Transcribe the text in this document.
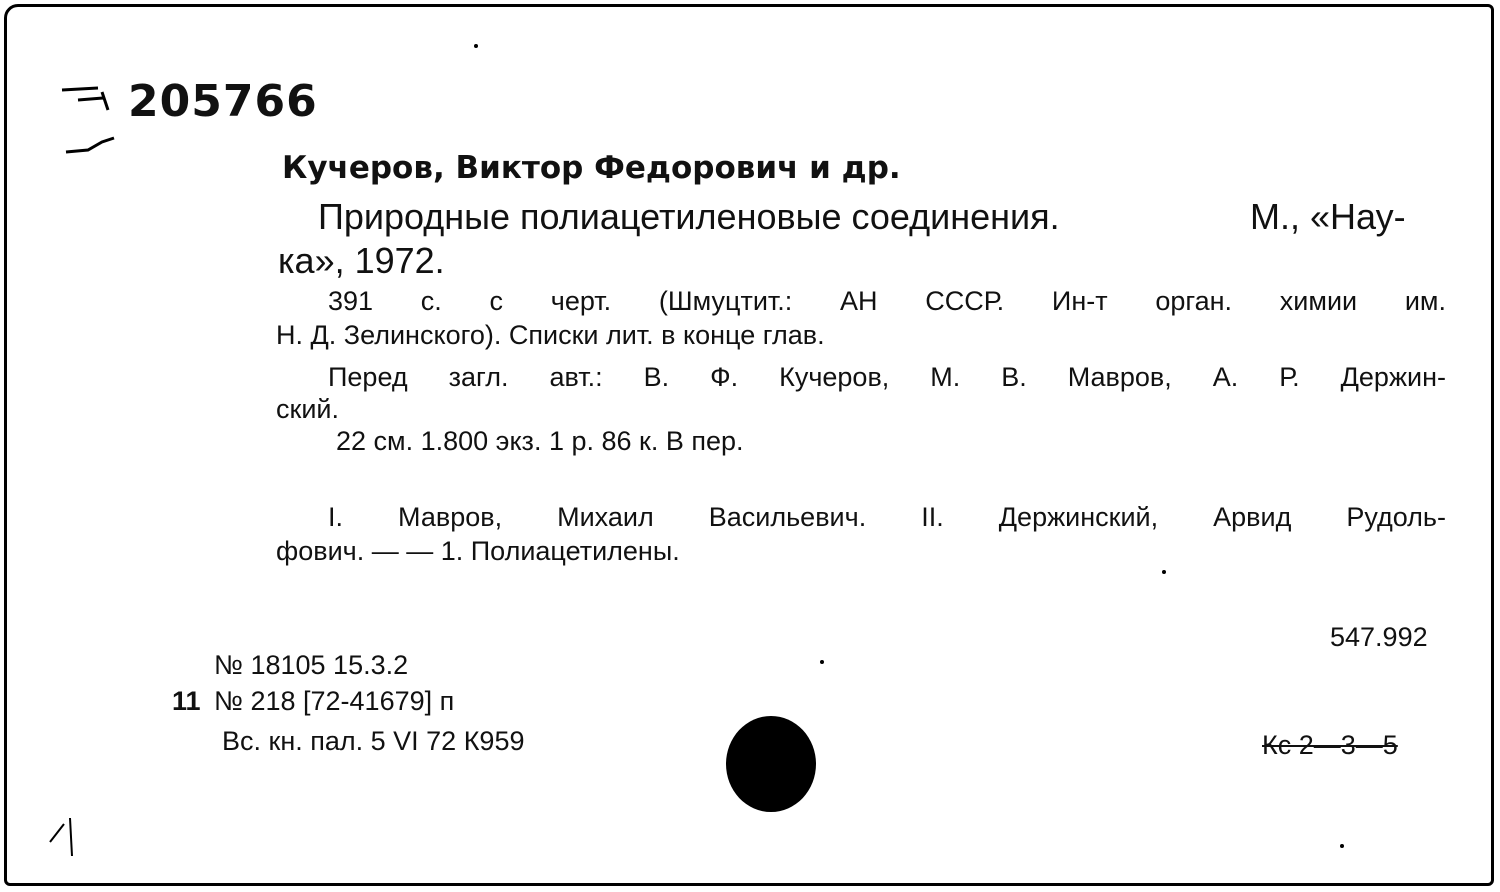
205766
Кучеров, Виктор Федорович и др.
Природные полиацетиленовые соединения.	М., «Нау-
ка», 1972.
391 с. с черт. (Шмуцтит.: АН СССР. Ин-т орган. химии им.
Н. Д. Зелинского). Списки лит. в конце глав.
Перед загл. авт.: В. Ф. Кучеров, М. В. Мавров, А. Р. Держин-
ский.
22 см. 1.800 экз. 1 р. 86 к. В пер.
I. Мавров, Михаил Васильевич. II. Держинский, Арвид Рудоль-
фович. — — 1. Полиацетилены.
547.992
№ 18105 15.3.2
11 № 218 [72-41679] п
Вс. кн. пал. 5 VI 72 К959	Кс 2—3—5
